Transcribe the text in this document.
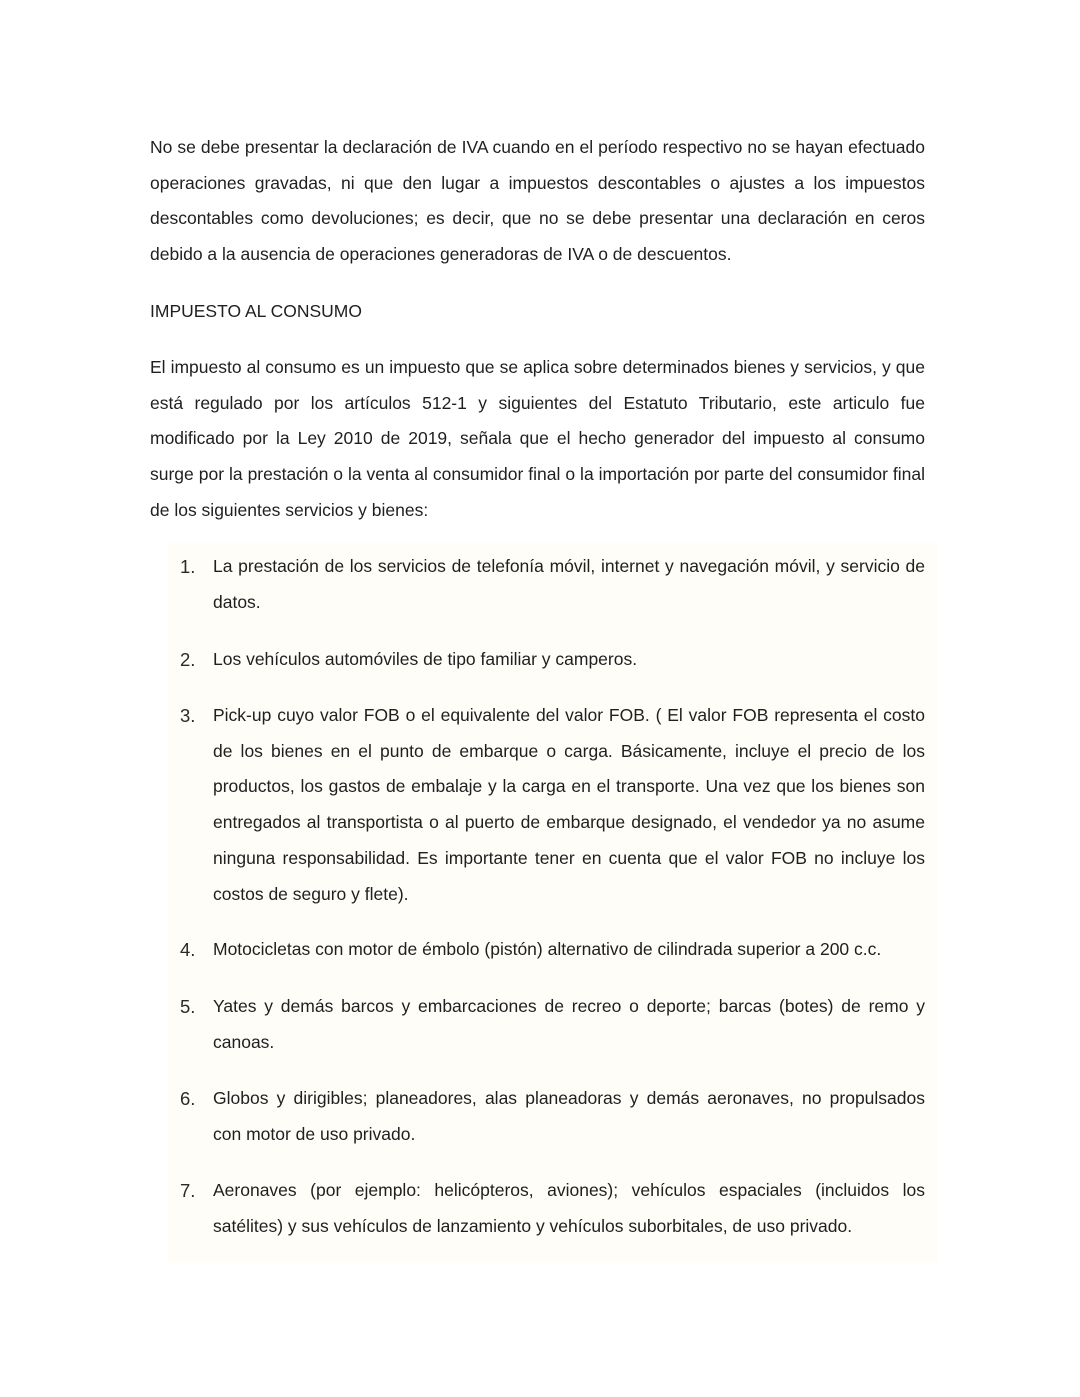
No se debe presentar la declaración de IVA cuando en el período respectivo no se hayan efectuado operaciones gravadas, ni que den lugar a impuestos descontables o ajustes a los impuestos descontables como devoluciones; es decir, que no se debe presentar una declaración en ceros debido a la ausencia de operaciones generadoras de IVA o de descuentos.

IMPUESTO AL CONSUMO

El impuesto al consumo es un impuesto que se aplica sobre determinados bienes y servicios, y que está regulado por los artículos 512-1 y siguientes del Estatuto Tributario, este articulo fue modificado por la Ley 2010 de 2019, señala que el hecho generador del impuesto al consumo surge por la prestación o la venta al consumidor final o la importación por parte del consumidor final de los siguientes servicios y bienes:

1. La prestación de los servicios de telefonía móvil, internet y navegación móvil, y servicio de datos.
2. Los vehículos automóviles de tipo familiar y camperos.
3. Pick-up cuyo valor FOB o el equivalente del valor FOB. ( El valor FOB representa el costo de los bienes en el punto de embarque o carga. Básicamente, incluye el precio de los productos, los gastos de embalaje y la carga en el transporte. Una vez que los bienes son entregados al transportista o al puerto de embarque designado, el vendedor ya no asume ninguna responsabilidad. Es importante tener en cuenta que el valor FOB no incluye los costos de seguro y flete).
4. Motocicletas con motor de émbolo (pistón) alternativo de cilindrada superior a 200 c.c.
5. Yates y demás barcos y embarcaciones de recreo o deporte; barcas (botes) de remo y canoas.
6. Globos y dirigibles; planeadores, alas planeadoras y demás aeronaves, no propulsados con motor de uso privado.
7. Aeronaves (por ejemplo: helicópteros, aviones); vehículos espaciales (incluidos los satélites) y sus vehículos de lanzamiento y vehículos suborbitales, de uso privado.
